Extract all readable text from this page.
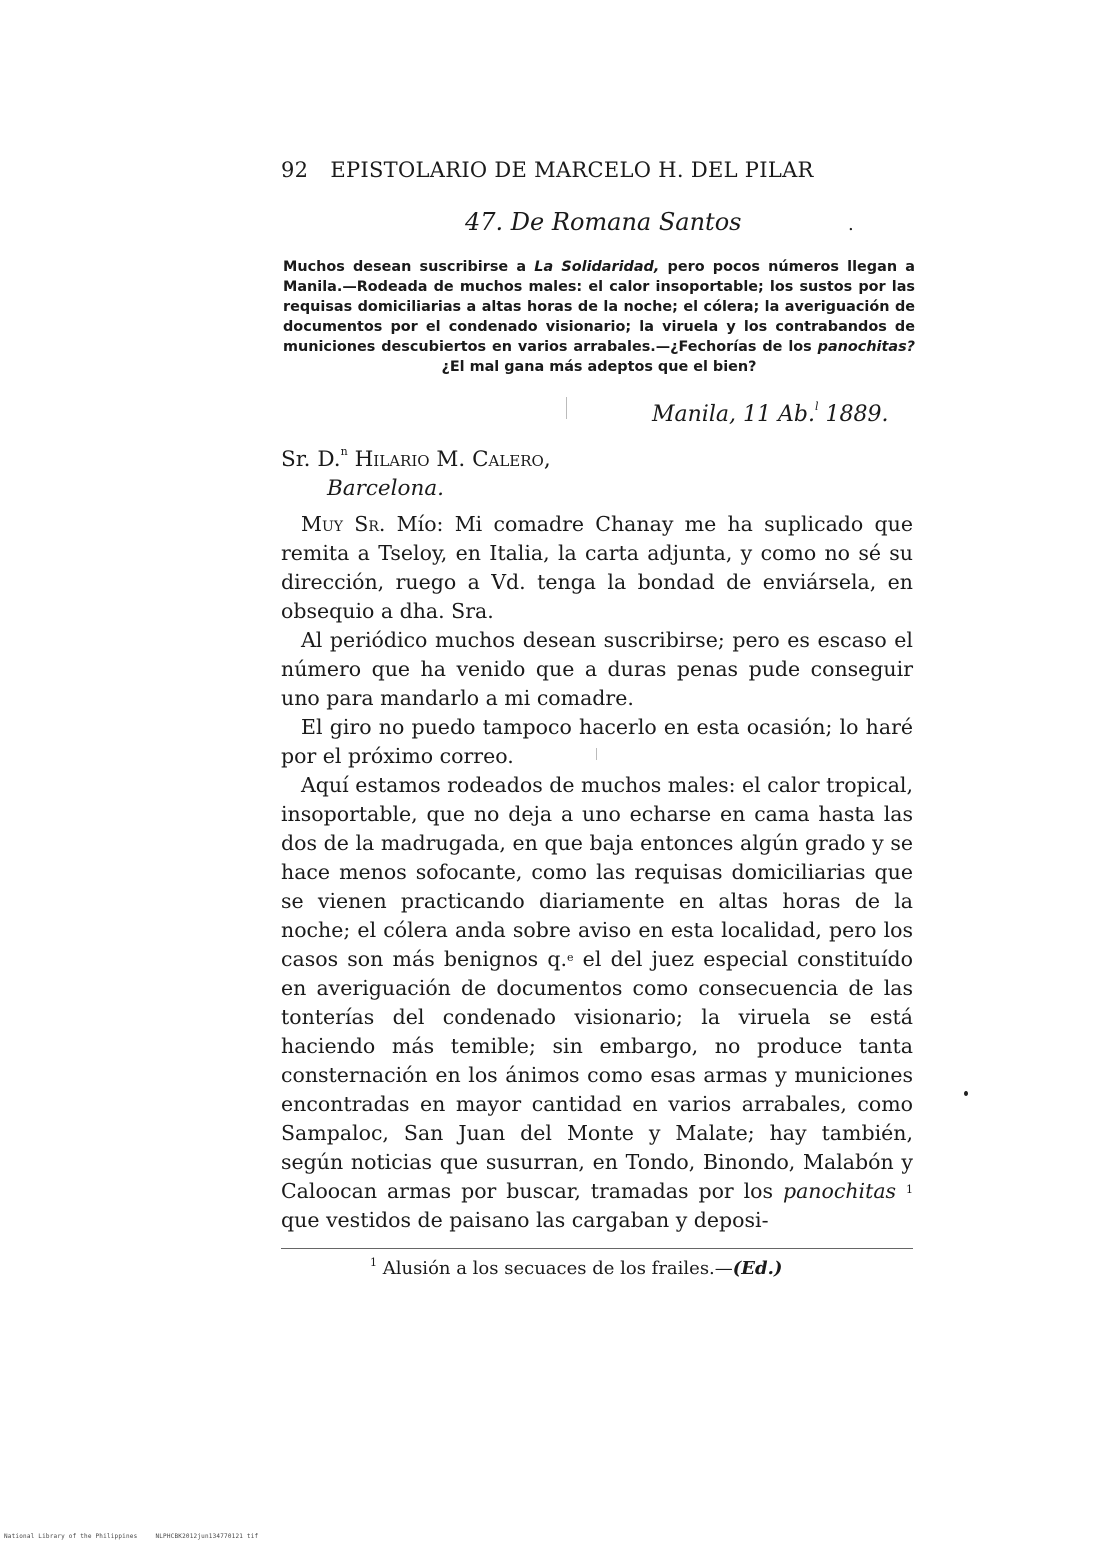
92 EPISTOLARIO DE MARCELO H. DEL PILAR
47. De Romana Santos	.
Muchos desean suscribirse a La Solidaridad, pero pocos números llegan a Manila.—Rodeada de muchos males: el calor insoportable; los sustos por las requisas domiciliarias a altas horas de la noche; el cólera; la averiguación de documentos por el condenado visionario; la viruela y los contrabandos de municiones descubiertos en varios arrabales.—¿Fechorías de los panochitas? ¿El mal gana más adeptos que el bien?
Manila, 11 Ab.$^l$ 1889.
Sr. D.$^n$ Hilario M. Calero,
Barcelona.

Muy Sr. Mío: Mi comadre Chanay me ha suplicado que remita a Tseloy, en Italia, la carta adjunta, y como no sé su dirección, ruego a Vd. tenga la bondad de enviársela, en obsequio a dha. Sra.

Al periódico muchos desean suscribirse; pero es escaso el número que ha venido que a duras penas pude conseguir uno para mandarlo a mi comadre.

El giro no puedo tampoco hacerlo en esta ocasión; lo haré por el próximo correo.

Aquí estamos rodeados de muchos males: el calor tropical, insoportable, que no deja a uno echarse en cama hasta las dos de la madrugada, en que baja entonces algún grado y se hace menos sofocante, como las requisas domiciliarias que se vienen practicando diariamente en altas horas de la noche; el cólera anda sobre aviso en esta localidad, pero los casos son más benignos q.$^e$ el del juez especial constituído en averiguación de documentos como consecuencia de las tonterías del condenado visionario; la viruela se está haciendo más temible; sin embargo, no produce tanta consternación en los ánimos como esas armas y municiones encontradas en mayor cantidad en varios arrabales, como Sampaloc, San Juan del Monte y Malate; hay también, según noticias que susurran, en Tondo, Binondo, Malabón y Caloocan armas por buscar, tramadas por los panochitas $^1$ que vestidos de paisano las cargaban y deposi-

$^1$ Alusión a los secuaces de los frailes.—(Ed.)
National Library of the Philippines	NLPHCBK2012jun134770121 tif
